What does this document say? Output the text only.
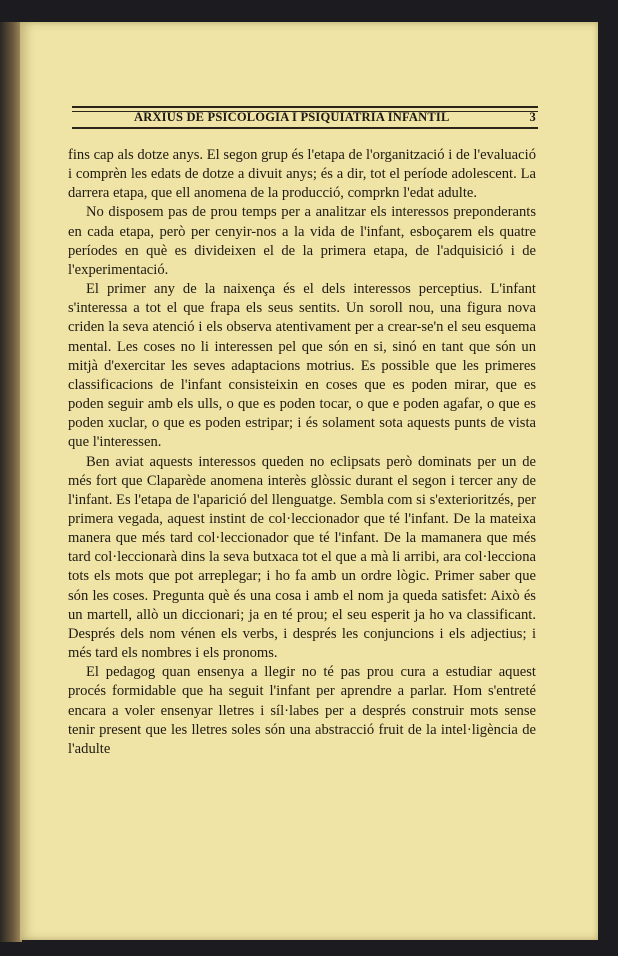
ARXIUS DE PSICOLOGIA I PSIQUIATRIA INFANTIL	3

fins cap als dotze anys. El segon grup és l'etapa de l'organització i de l'evaluació i comprèn les edats de dotze a divuit anys; és a dir, tot el període adolescent. La darrera etapa, que ell anomena de la producció, comprkn l'edat adulte.

No disposem pas de prou temps per a analitzar els interessos preponderants en cada etapa, però per cenyir-nos a la vida de l'infant, esboçarem els quatre períodes en què es divideixen el de la primera etapa, de l'adquisició i de l'experimentació.

El primer any de la naixença és el dels interessos perceptius. L'infant s'interessa a tot el que frapa els seus sentits. Un soroll nou, una figura nova criden la seva atenció i els observa atentivament per a crear-se'n el seu esquema mental. Les coses no li interessen pel que són en si, sinó en tant que són un mitjà d'exercitar les seves adaptacions motrius. Es possible que les primeres classificacions de l'infant consisteixin en coses que es poden mirar, que es poden seguir amb els ulls, o que es poden tocar, o que e poden agafar, o que es poden xuclar, o que es poden estripar; i és solament sota aquests punts de vista que l'interessen.

Ben aviat aquests interessos queden no eclipsats però dominats per un de més fort que Claparède anomena interès glòssic durant el segon i tercer any de l'infant. Es l'etapa de l'aparició del llenguatge. Sembla com si s'exterioritzés, per primera vegada, aquest instint de col·leccionador que té l'infant. De la mateixa manera que més tard col·leccionador que té l'infant. De la mamanera que més tard col·leccionarà dins la seva butxaca tot el que a mà li arribi, ara col·lecciona tots els mots que pot arreplegar; i ho fa amb un ordre lògic. Primer saber que són les coses. Pregunta què és una cosa i amb el nom ja queda satisfet: Això és un martell, allò un diccionari; ja en té prou; el seu esperit ja ho va classificant. Després dels nom vénen els verbs, i després les conjuncions i els adjectius; i més tard els nombres i els pronoms.

El pedagog quan ensenya a llegir no té pas prou cura a estudiar aquest procés formidable que ha seguit l'infant per aprendre a parlar. Hom s'entreté encara a voler ensenyar lletres i síl·labes per a després construir mots sense tenir present que les lletres soles són una abstracció fruit de la intel·ligència de l'adulte
